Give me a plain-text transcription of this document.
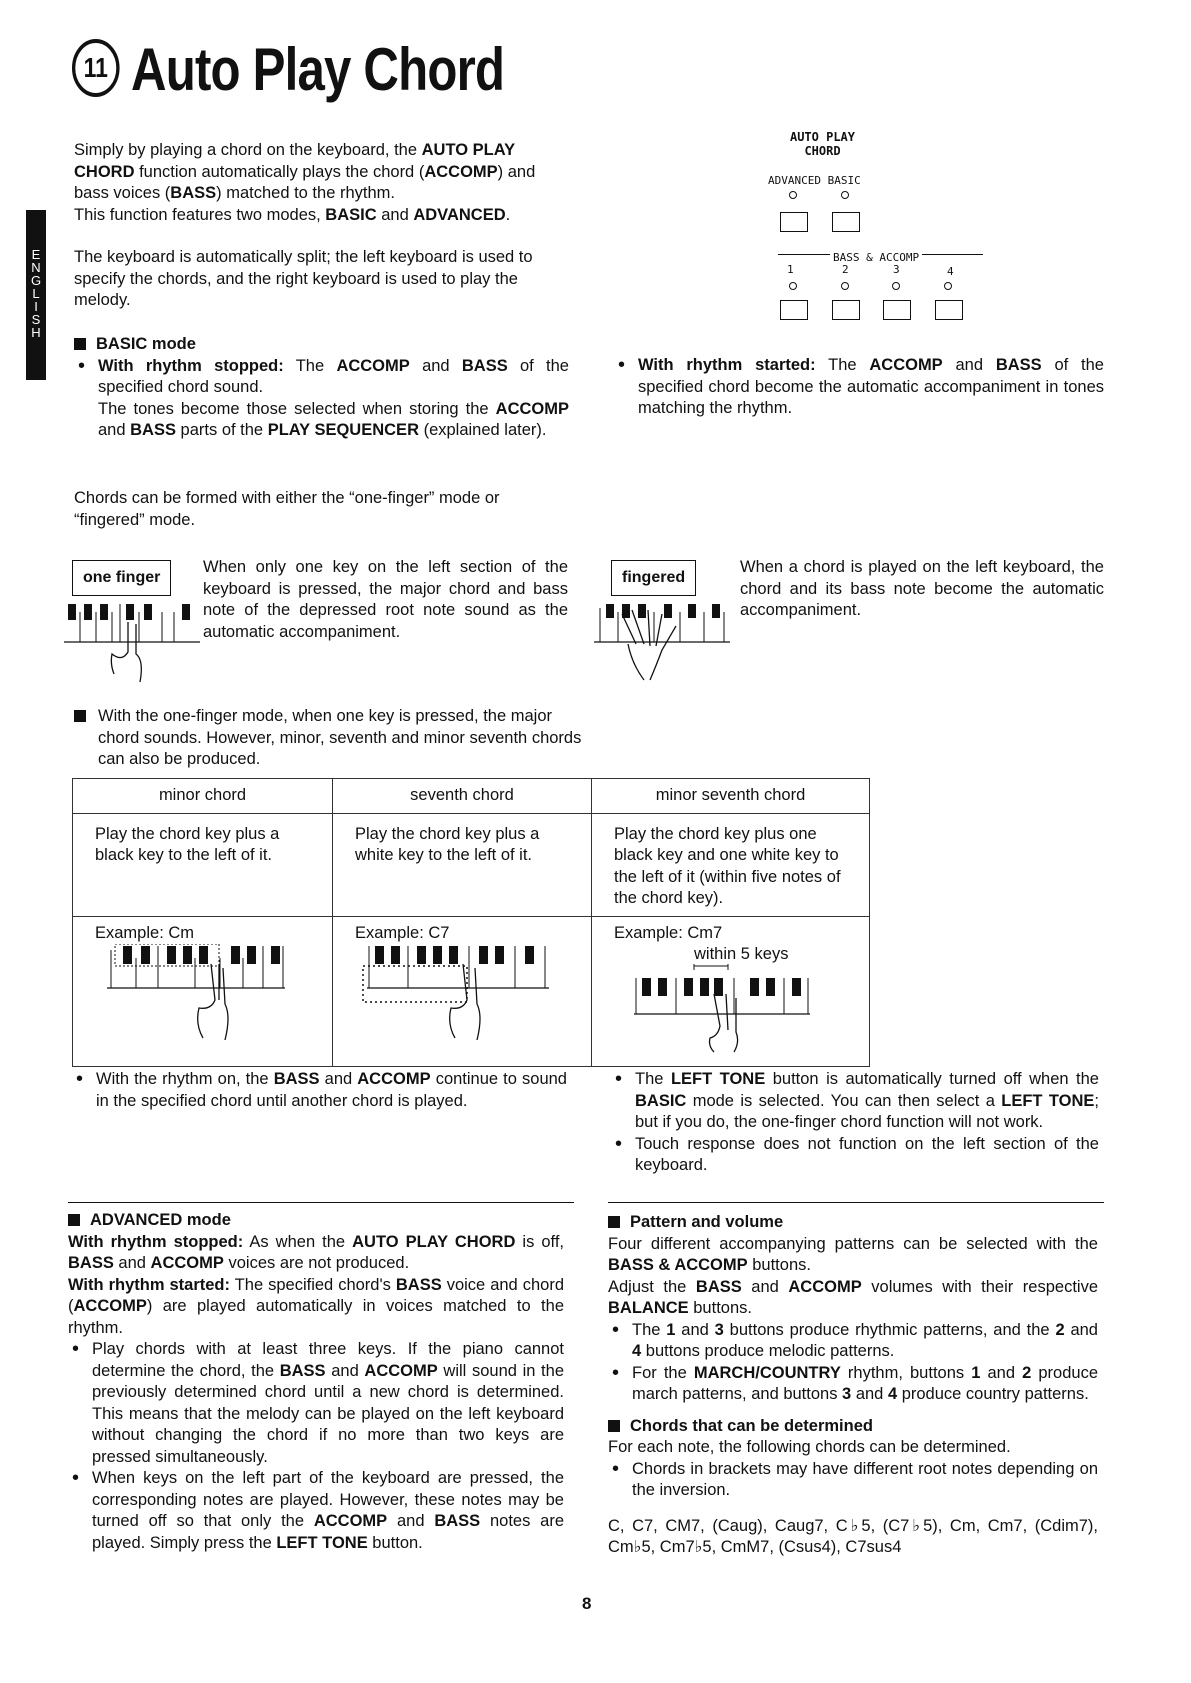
11 Auto Play Chord
E
N
G
L
I
S
H

Simply by playing a chord on the keyboard, the AUTO PLAY CHORD function automatically plays the chord (ACCOMP) and bass voices (BASS) matched to the rhythm.

This function features two modes, BASIC and ADVANCED.

The keyboard is automatically split; the left keyboard is used to specify the chords, and the right keyboard is used to play the melody.

AUTO PLAY
CHORD
ADVANCED BASIC
BASS & ACCOMP
1	2	3	4

BASIC mode

• With rhythm stopped: The ACCOMP and BASS of the specified chord sound.

The tones become those selected when storing the ACCOMP and BASS parts of the PLAY SEQUENCER (explained later).

• With rhythm started: The ACCOMP and BASS of the specified chord become the automatic accompaniment in tones matching the rhythm.

Chords can be formed with either the “one-finger” mode or “fingered” mode.

one finger

When only one key on the left section of the keyboard is pressed, the major chord and bass note of the depressed root note sound as the automatic accompaniment.

fingered

When a chord is played on the left keyboard, the chord and its bass note become the automatic accompaniment.

With the one-finger mode, when one key is pressed, the major chord sounds. However, minor, seventh and minor seventh chords can also be produced.

minor chord	seventh chord	minor seventh chord
Play the chord key plus a black key to the left of it.	Play the chord key plus a white key to the left of it.	Play the chord key plus one black key and one white key to the left of it (within five notes of the chord key).

Example: Cm	Example: C7	Example: Cm7
within 5 keys

• With the rhythm on, the BASS and ACCOMP continue to sound in the specified chord until another chord is played.

• The LEFT TONE button is automatically turned off when the BASIC mode is selected. You can then select a LEFT TONE; but if you do, the one-finger chord function will not work.

• Touch response does not function on the left section of the keyboard.

ADVANCED mode

With rhythm stopped: As when the AUTO PLAY CHORD is off, BASS and ACCOMP voices are not produced.

With rhythm started: The specified chord's BASS voice and chord (ACCOMP) are played automatically in voices matched to the rhythm.

• Play chords with at least three keys. If the piano cannot determine the chord, the BASS and ACCOMP will sound in the previously determined chord until a new chord is determined. This means that the melody can be played on the left keyboard without changing the chord if no more than two keys are pressed simultaneously.

• When keys on the left part of the keyboard are pressed, the corresponding notes are played. However, these notes may be turned off so that only the ACCOMP and BASS notes are played. Simply press the LEFT TONE button.

Pattern and volume

Four different accompanying patterns can be selected with the BASS & ACCOMP buttons.

Adjust the BASS and ACCOMP volumes with their respective BALANCE buttons.

• The 1 and 3 buttons produce rhythmic patterns, and the 2 and 4 buttons produce melodic patterns.

• For the MARCH/COUNTRY rhythm, buttons 1 and 2 produce march patterns, and buttons 3 and 4 produce country patterns.

Chords that can be determined

For each note, the following chords can be determined.

• Chords in brackets may have different root notes depending on the inversion.

C, C7, CM7, (Caug), Caug7, C♭5, (C7♭5), Cm, Cm7, (Cdim7), Cm♭5, Cm7♭5, CmM7, (Csus4), C7sus4

8
